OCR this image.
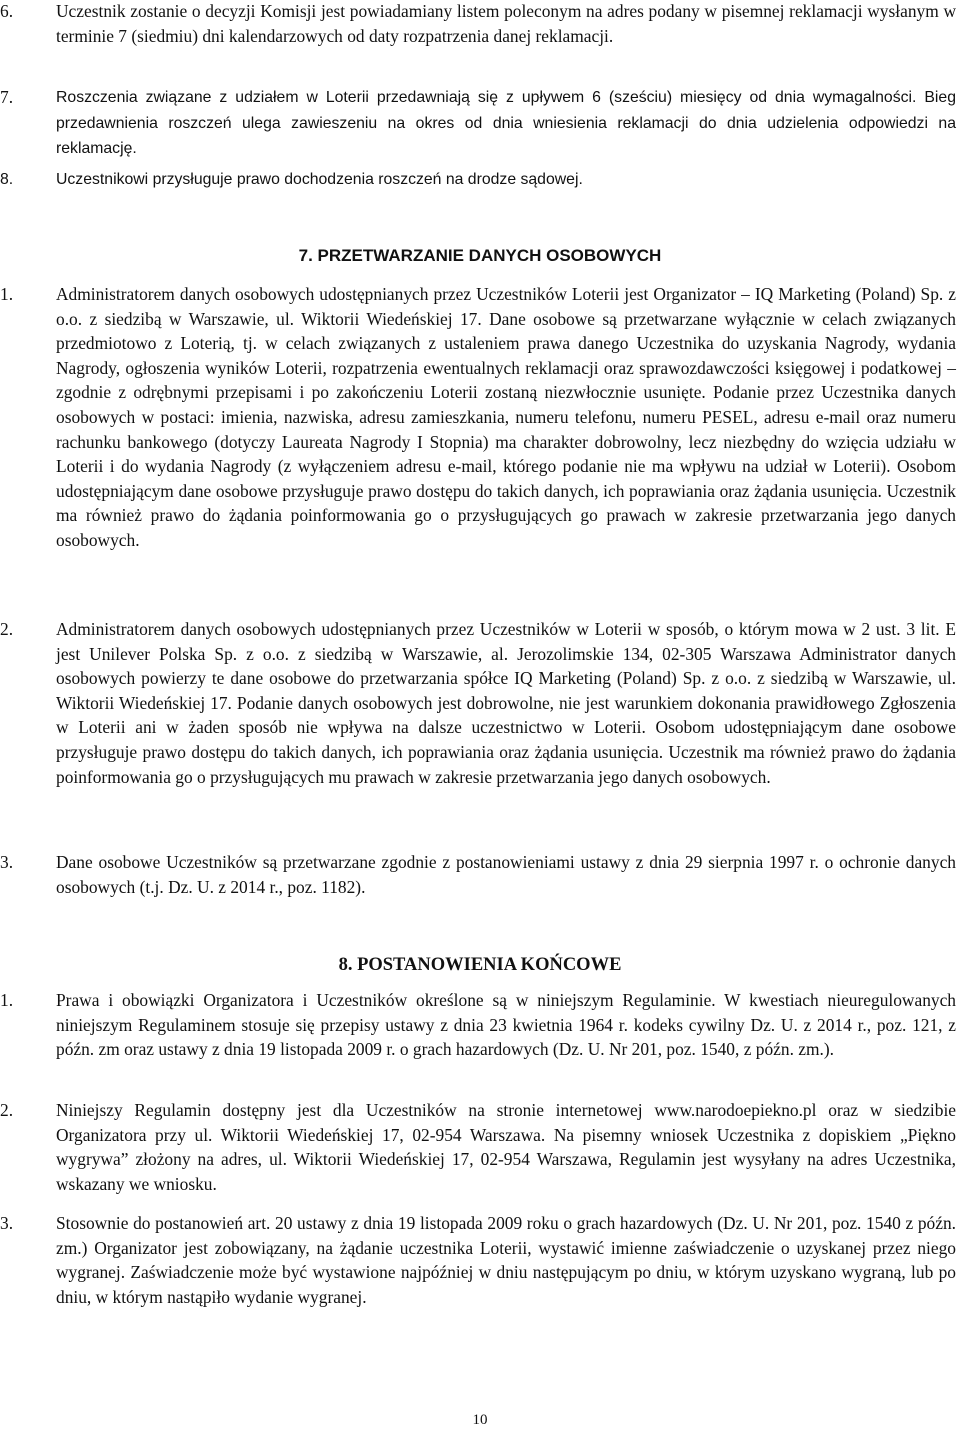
6. Uczestnik zostanie o decyzji Komisji jest powiadamiany listem poleconym na adres podany w pisemnej reklamacji wysłanym w terminie 7 (siedmiu) dni kalendarzowych od daty rozpatrzenia danej reklamacji.
7.	Roszczenia związane z udziałem w Loterii przedawniają się z upływem 6 (sześciu) miesięcy od dnia wymagalności. Bieg przedawnienia roszczeń ulega zawieszeniu na okres od dnia wniesienia reklamacji do dnia udzielenia odpowiedzi na reklamację.
8.	Uczestnikowi przysługuje prawo dochodzenia roszczeń na drodze sądowej.
7. PRZETWARZANIE DANYCH OSOBOWYCH
1. Administratorem danych osobowych udostępnianych przez Uczestników Loterii jest Organizator – IQ Marketing (Poland) Sp. z o.o. z siedzibą w Warszawie, ul. Wiktorii Wiedeńskiej 17. Dane osobowe są przetwarzane wyłącznie w celach związanych przedmiotowo z Loterią, tj. w celach związanych z ustaleniem prawa danego Uczestnika do uzyskania Nagrody, wydania Nagrody, ogłoszenia wyników Loterii, rozpatrzenia ewentualnych reklamacji oraz sprawozdawczości księgowej i podatkowej – zgodnie z odrębnymi przepisami i po zakończeniu Loterii zostaną niezwłocznie usunięte. Podanie przez Uczestnika danych osobowych w postaci: imienia, nazwiska, adresu zamieszkania, numeru telefonu, numeru PESEL, adresu e-mail oraz numeru rachunku bankowego (dotyczy Laureata Nagrody I Stopnia) ma charakter dobrowolny, lecz niezbędny do wzięcia udziału w Loterii i do wydania Nagrody (z wyłączeniem adresu e-mail, którego podanie nie ma wpływu na udział w Loterii). Osobom udostępniającym dane osobowe przysługuje prawo dostępu do takich danych, ich poprawiania oraz żądania usunięcia. Uczestnik ma również prawo do żądania poinformowania go o przysługujących go prawach w zakresie przetwarzania jego danych osobowych.
2. Administratorem danych osobowych udostępnianych przez Uczestników w Loterii w sposób, o którym mowa w 2 ust. 3 lit. E jest Unilever Polska Sp. z o.o. z siedzibą w Warszawie, al. Jerozolimskie 134, 02-305 Warszawa Administrator danych osobowych powierzy te dane osobowe do przetwarzania spółce IQ Marketing (Poland) Sp. z o.o. z siedzibą w Warszawie, ul. Wiktorii Wiedeńskiej 17. Podanie danych osobowych jest dobrowolne, nie jest warunkiem dokonania prawidłowego Zgłoszenia w Loterii ani w żaden sposób nie wpływa na dalsze uczestnictwo w Loterii. Osobom udostępniającym dane osobowe przysługuje prawo dostępu do takich danych, ich poprawiania oraz żądania usunięcia. Uczestnik ma również prawo do żądania poinformowania go o przysługujących mu prawach w zakresie przetwarzania jego danych osobowych.
3. Dane osobowe Uczestników są przetwarzane zgodnie z postanowieniami ustawy z dnia 29 sierpnia 1997 r. o ochronie danych osobowych (t.j. Dz. U. z 2014 r., poz. 1182).
8. POSTANOWIENIA KOŃCOWE
1. Prawa i obowiązki Organizatora i Uczestników określone są w niniejszym Regulaminie. W kwestiach nieuregulowanych niniejszym Regulaminem stosuje się przepisy ustawy z dnia 23 kwietnia 1964 r. kodeks cywilny Dz. U. z 2014 r., poz. 121, z późn. zm oraz ustawy z dnia 19 listopada 2009 r. o grach hazardowych (Dz. U. Nr 201, poz. 1540, z późn. zm.).
2. Niniejszy Regulamin dostępny jest dla Uczestników na stronie internetowej www.narodoepiekno.pl oraz w siedzibie Organizatora przy ul. Wiktorii Wiedeńskiej 17, 02-954 Warszawa. Na pisemny wniosek Uczestnika z dopiskiem „Piękno wygrywa” złożony na adres, ul. Wiktorii Wiedeńskiej 17, 02-954 Warszawa, Regulamin jest wysyłany na adres Uczestnika, wskazany we wniosku.
3. Stosownie do postanowień art. 20 ustawy z dnia 19 listopada 2009 roku o grach hazardowych (Dz. U. Nr 201, poz. 1540 z późn. zm.) Organizator jest zobowiązany, na żądanie uczestnika Loterii, wystawić imienne zaświadczenie o uzyskanej przez niego wygranej. Zaświadczenie może być wystawione najpóźniej w dniu następującym po dniu, w którym uzyskano wygraną, lub po dniu, w którym nastąpiło wydanie wygranej.
10
